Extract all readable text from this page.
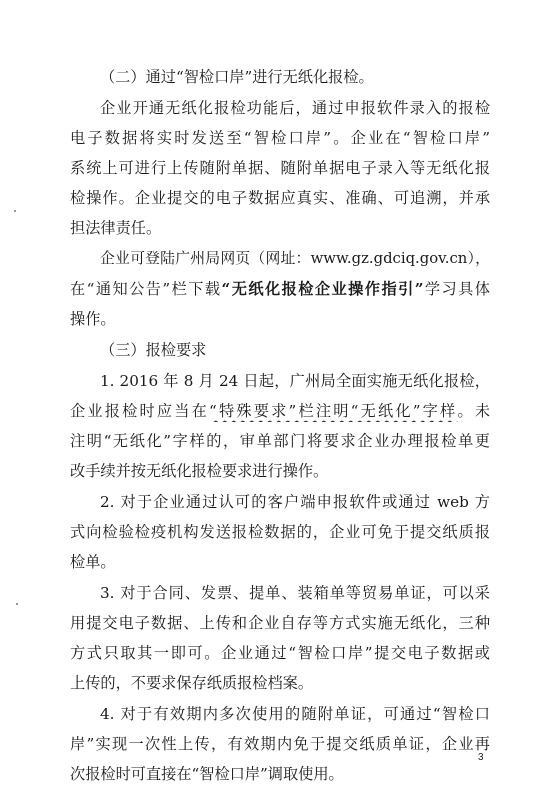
（二）通过“智检口岸”进行无纸化报检。
企业开通无纸化报检功能后，通过申报软件录入的报检
电子数据将实时发送至“智检口岸”。企业在“智检口岸”
系统上可进行上传随附单据、随附单据电子录入等无纸化报
检操作。企业提交的电子数据应真实、准确、可追溯，并承
担法律责任。
企业可登陆广州局网页（网址：www.gz.gdciq.gov.cn），
在“通知公告”栏下载“无纸化报检企业操作指引”学习具体
操作。
（三）报检要求
1. 2016 年 8 月 24 日起，广州局全面实施无纸化报检，
企业报检时应当在“特殊要求”栏注明“无纸化”字样。未
注明“无纸化”字样的，审单部门将要求企业办理报检单更
改手续并按无纸化报检要求进行操作。
2. 对于企业通过认可的客户端申报软件或通过 web 方
式向检验检疫机构发送报检数据的，企业可免于提交纸质报
检单。
3. 对于合同、发票、提单、装箱单等贸易单证，可以采
用提交电子数据、上传和企业自存等方式实施无纸化，三种
方式只取其一即可。企业通过“智检口岸”提交电子数据或
上传的，不要求保存纸质报检档案。
4. 对于有效期内多次使用的随附单证，可通过“智检口
岸”实现一次性上传，有效期内免于提交纸质单证，企业再
次报检时可直接在“智检口岸”调取使用。
3
